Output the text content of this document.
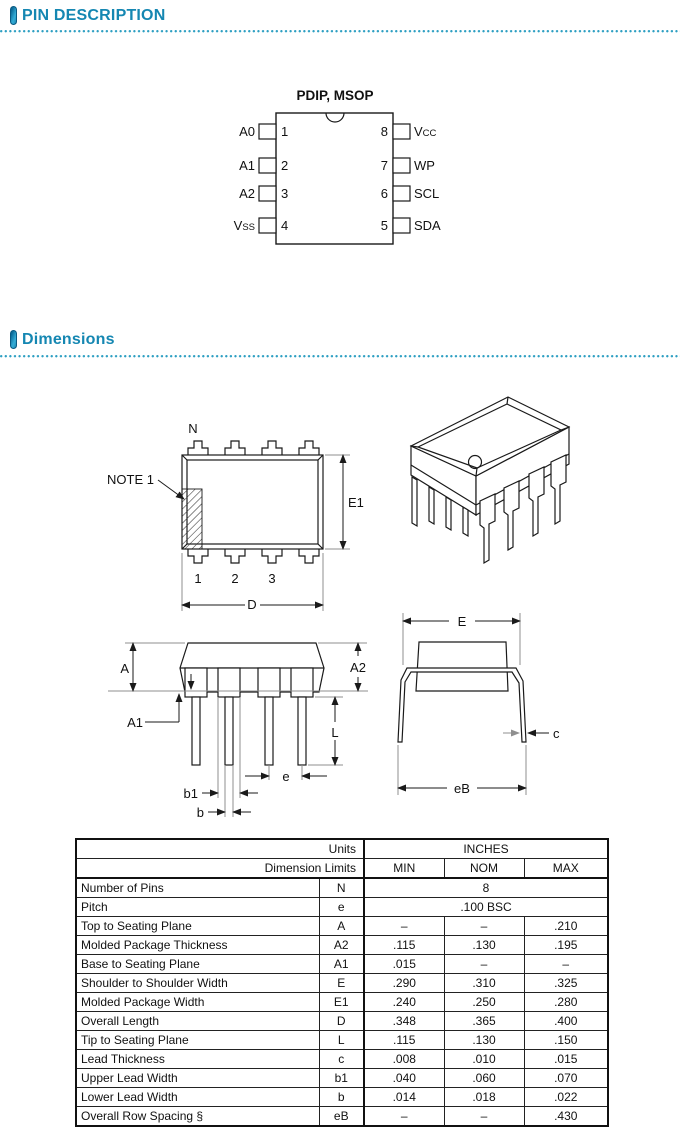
PIN DESCRIPTION
PDIP, MSOP
1
2
3
4
8
7
6
5
A0
A1
A2
VSS
VCC
WP
SCL
SDA
Dimensions
N
NOTE 1
1 2 3
E1
D
A
A1
A2
L
e
b1
b
E
c
eB
Units		INCHES		
Dimension Limits		MIN	NOM	MAX
Number of Pins	N	8		
Pitch	e	.100 BSC		
Top to Seating Plane	A	–	–	.210
Molded Package Thickness	A2	.115	.130	.195
Base to Seating Plane	A1	.015	–	–
Shoulder to Shoulder Width	E	.290	.310	.325
Molded Package Width	E1	.240	.250	.280
Overall Length	D	.348	.365	.400
Tip to Seating Plane	L	.115	.130	.150
Lead Thickness	c	.008	.010	.015
Upper Lead Width	b1	.040	.060	.070
Lower Lead Width	b	.014	.018	.022
Overall Row Spacing §	eB	–	–	.430
